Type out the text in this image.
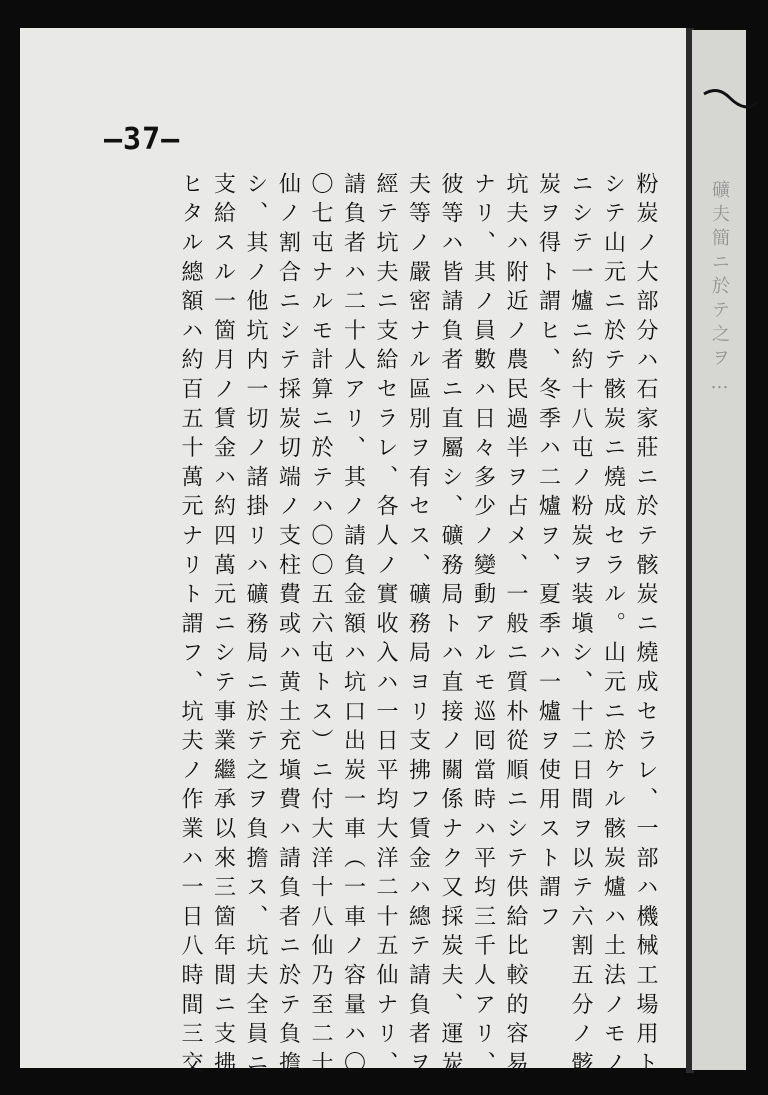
礦夫簡ニ於テ之ヲ…
—37—
粉炭ノ大部分ハ石家莊ニ於テ骸炭ニ燒成セラレ、一部ハ機械工場用ト
シテ山元ニ於テ骸炭ニ燒成セラル。山元ニ於ケル骸炭爐ハ土法ノモノ
ニシテ一爐ニ約十八屯ノ粉炭ヲ装塡シ、十二日間ヲ以テ六割五分ノ骸
炭ヲ得ト謂ヒ、冬季ハ二爐ヲ、夏季ハ一爐ヲ使用スト謂フ
坑夫ハ附近ノ農民過半ヲ占メ、一般ニ質朴從順ニシテ供給比較的容易
ナリ、其ノ員數ハ日々多少ノ變動アルモ巡囘當時ハ平均三千人アリ、
彼等ハ皆請負者ニ直屬シ、礦務局トハ直接ノ關係ナク又採炭夫、運炭
夫等ノ嚴密ナル區別ヲ有セス、礦務局ヨリ支拂フ賃金ハ總テ請負者ヲ
經テ坑夫ニ支給セラレ、各人ノ實收入ハ一日平均大洋二十五仙ナリ、
請負者ハ二十人アリ、其ノ請負金額ハ坑口出炭一車（一車ノ容量ハ〇
〇七屯ナルモ計算ニ於テハ〇〇五六屯トス）ニ付大洋十八仙乃至二十
仙ノ割合ニシテ採炭切端ノ支柱費或ハ黄土充塡費ハ請負者ニ於テ負擔
シ、其ノ他坑内一切ノ諸掛リハ礦務局ニ於テ之ヲ負擔ス、坑夫全員ニ
支給スル一箇月ノ賃金ハ約四萬元ニシテ事業繼承以來三箇年間ニ支拂
ヒタル總額ハ約百五十萬元ナリト謂フ、坑夫ノ作業ハ一日八時間三交
